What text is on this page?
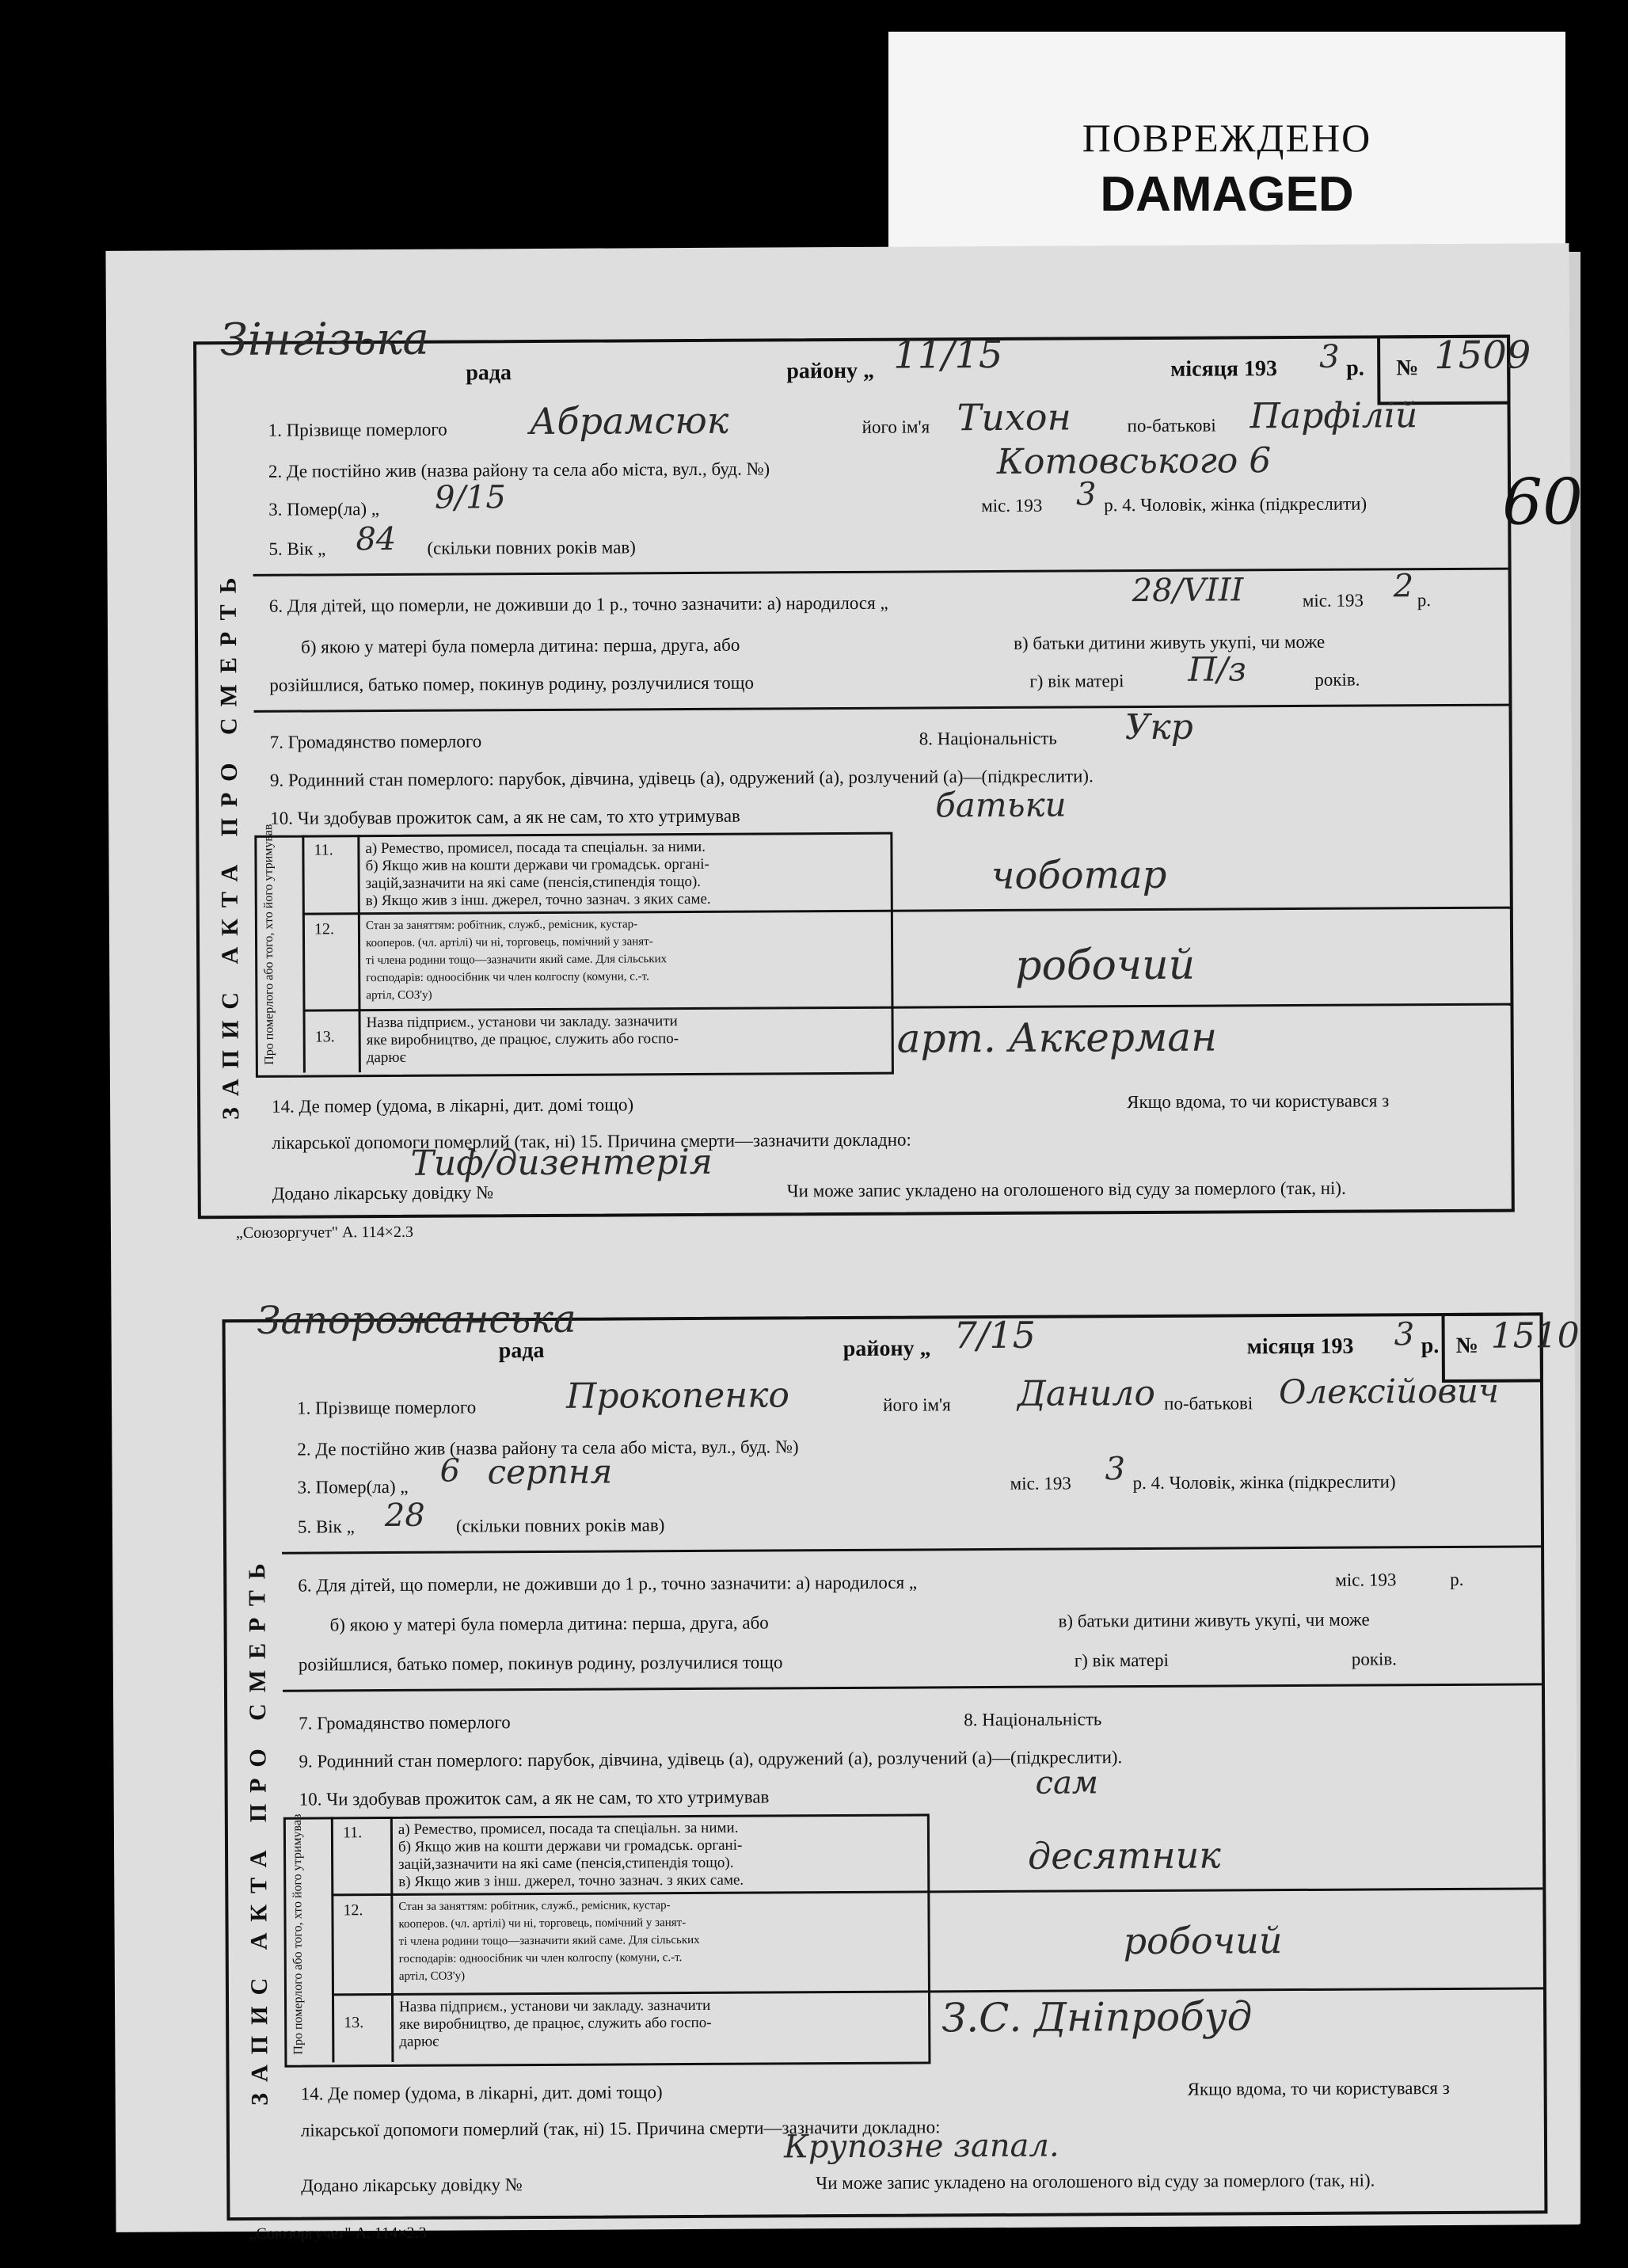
ПОВРЕЖДЕНО
DAMAGED
60
Зінгізька
рада	району „ 11/15	місяця 193 3 р. № 1509
ЗАПИС АКТА ПРО СМЕРТЬ
1. Прізвище померлого Абрамсюк	його ім'я Тихон	по-батькові Парфілій
2. Де постійно жив (назва району та села або міста, вул., буд. №)	Котовського 6
3. Помер(ла) „ 9/15	міс. 193 3 р. 4. Чоловік, жінка (підкреслити)
5. Вік „ 84 (скільки повних років мав)
6. Для дітей, що померли, не доживши до 1 р., точно зазначити: а) народилося „	28/VIII	міс. 193 2 р.
б) якою у матері була померла дитина: перша, друга, або	в) батьки дитини живуть укупі, чи може
розійшлися, батько помер, покинув родину, розлучилися тощо	г) вік матері П/з	років.
7. Громадянство померлого	8. Національність Укр
9. Родинний стан померлого: парубок, дівчина, удівець (а), одружений (а), розлучений (а)—(підкреслити).
10. Чи здобував прожиток сам, а як не сам, то хто утримував	батьки
Про померлого або того, хто його утримував 11. а) Ремество, промисел, посада та спеціальн. за ними.
б) Якщо жив на кошти держави чи громадськ. органі-
зацій,зазначити на які саме (пенсія,стипендія тощо).
в) Якщо жив з інш. джерел, точно зазнач. з яких саме.
чоботар
12.	Стан за заняттям: робітник, служб., ремісник, кустар-
кооперов. (чл. артілі) чи ні, торговець, помічний у занят-
ті члена родини тощо—зазначити який саме. Для сільських
господарів: одноосібник чи член колгоспу (комуни, с.-т.
артіл, СОЗ'у)
робочий
13.
Назва підприєм., установи чи закладу. зазначити
яке виробництво, де працює, служить або госпо-
дарює	арт. Аккерман
14. Де помер (удома, в лікарні, дит. домі тощо)	Якщо вдома, то чи користувався з
лікарської допомоги померлий (так, ні) 15. Причина смерти—зазначити докладно:
Тиф/дизентерія
Додано лікарську довідку №	Чи може запис укладено на оголошеного від суду за померлого (так, ні).
„Союзоргучет" А. 114×2.3
Запорожанська
рада	району „ 7/15	місяця 193 3 р. № 1510
ЗАПИС АКТА ПРО СМЕРТЬ
1. Прізвище померлого	Прокопенко	його ім'я Данило по-батькові Олексійович
2. Де постійно жив (назва району та села або міста, вул., буд. №)
3. Помер(ла) „ 6 серпня	міс. 193 3 р. 4. Чоловік, жінка (підкреслити)
5. Вік „ 28 (скільки повних років мав)
6. Для дітей, що померли, не доживши до 1 р., точно зазначити: а) народилося „	міс. 193	р.
б) якою у матері була померла дитина: перша, друга, або	в) батьки дитини живуть укупі, чи може
розійшлися, батько помер, покинув родину, розлучилися тощо	г) вік матері	років.
7. Громадянство померлого	8. Національність
9. Родинний стан померлого: парубок, дівчина, удівець (а), одружений (а), розлучений (а)—(підкреслити).
10. Чи здобував прожиток сам, а як не сам, то хто утримував	сам
Про померлого або того, хто його утримував 11. а) Ремество, промисел, посада та спеціальн. за ними.
б) Якщо жив на кошти держави чи громадськ. органі-
зацій,зазначити на які саме (пенсія,стипендія тощо).
в) Якщо жив з інш. джерел, точно зазнач. з яких саме.
десятник
12.	Стан за заняттям: робітник, служб., ремісник, кустар-
кооперов. (чл. артілі) чи ні, торговець, помічний у занят-
ті члена родини тощо—зазначити який саме. Для сільських
господарів: одноосібник чи член колгоспу (комуни, с.-т.
артіл, СОЗ'у)
робочий
13.
Назва підприєм., установи чи закладу. зазначити
яке виробництво, де працює, служить або госпо-
дарює
З.С. Дніпробуд
14. Де помер (удома, в лікарні, дит. домі тощо)	Якщо вдома, то чи користувався з
лікарської допомоги померлий (так, ні) 15. Причина смерти—зазначити докладно:
Крупозне запал.
Додано лікарську довідку №	Чи може запис укладено на оголошеного від суду за померлого (так, ні).
„Союзоргучет" А. 114×2.3
